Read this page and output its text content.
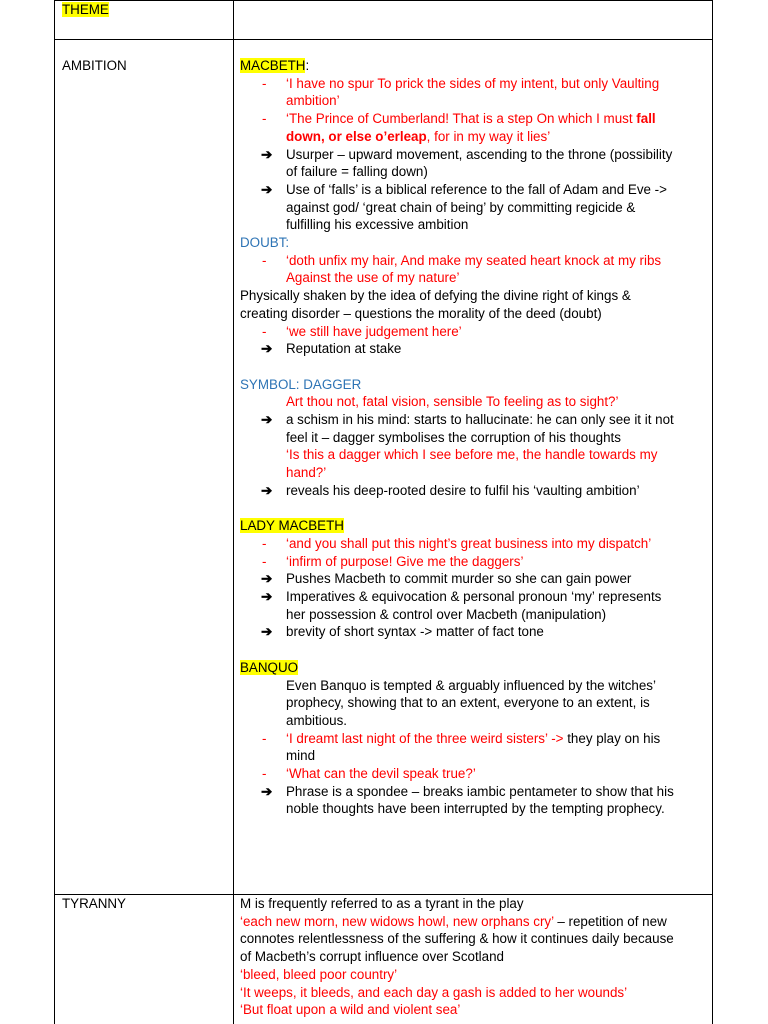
THEME
AMBITION	MACBETH:
-	‘I have no spur To prick the sides of my intent, but only Vaulting
ambition’
-	‘The Prince of Cumberland! That is a step On which I must fall
down, or else o’erleap, for in my way it lies’
➔	Usurper – upward movement, ascending to the throne (possibility
of failure = falling down)
➔	Use of ‘falls’ is a biblical reference to the fall of Adam and Eve ->
against god/ ‘great chain of being’ by committing regicide &
fulfilling his excessive ambition
DOUBT:
-	‘doth unfix my hair, And make my seated heart knock at my ribs
Against the use of my nature’
Physically shaken by the idea of defying the divine right of kings &
creating disorder – questions the morality of the deed (doubt)
-	‘we still have judgement here’
➔	Reputation at stake
SYMBOL: DAGGER
Art thou not, fatal vision, sensible To feeling as to sight?’
➔	a schism in his mind: starts to hallucinate: he can only see it it not
feel it – dagger symbolises the corruption of his thoughts
‘Is this a dagger which I see before me, the handle towards my
hand?’
➔	reveals his deep-rooted desire to fulfil his ‘vaulting ambition’
LADY MACBETH
-	‘and you shall put this night’s great business into my dispatch’
-	‘infirm of purpose! Give me the daggers’
➔	Pushes Macbeth to commit murder so she can gain power
➔	Imperatives & equivocation & personal pronoun ‘my’ represents
her possession & control over Macbeth (manipulation)
➔	brevity of short syntax -> matter of fact tone
BANQUO
Even Banquo is tempted & arguably influenced by the witches’
prophecy, showing that to an extent, everyone to an extent, is
ambitious.
-	‘I dreamt last night of the three weird sisters’ -> they play on his
mind
-	‘What can the devil speak true?’
➔	Phrase is a spondee – breaks iambic pentameter to show that his
noble thoughts have been interrupted by the tempting prophecy.
TYRANNY	M is frequently referred to as a tyrant in the play
‘each new morn, new widows howl, new orphans cry’ – repetition of new
connotes relentlessness of the suffering & how it continues daily because
of Macbeth’s corrupt influence over Scotland
‘bleed, bleed poor country’
‘It weeps, it bleeds, and each day a gash is added to her wounds’
‘But float upon a wild and violent sea’
